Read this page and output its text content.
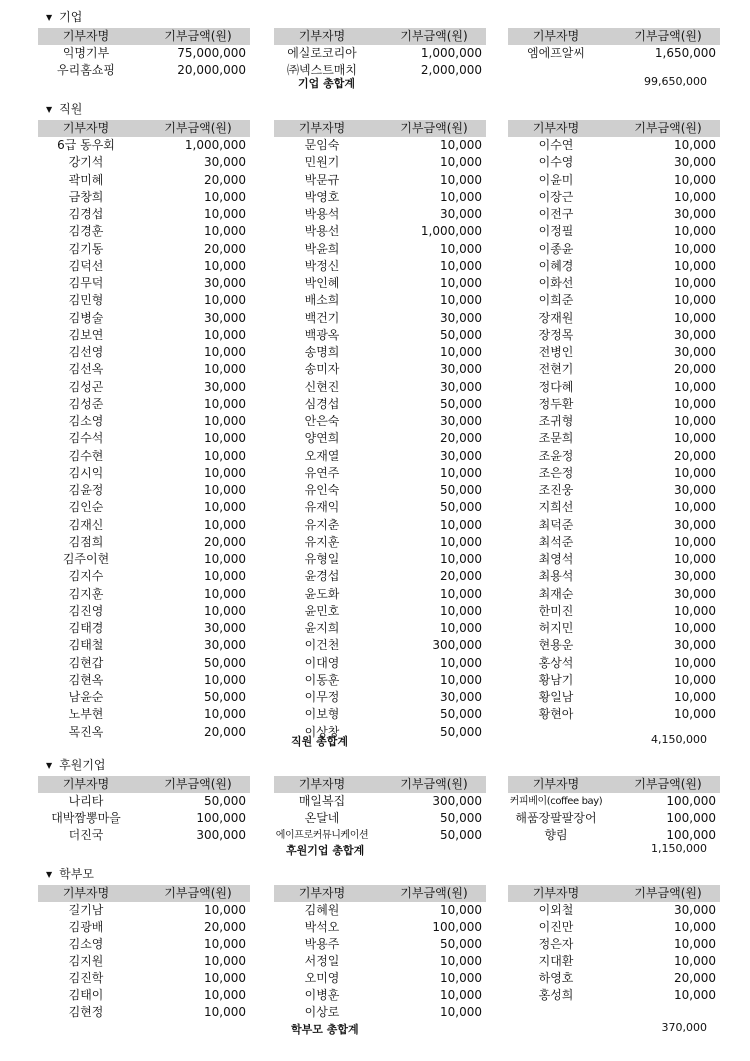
▼ 기업
기부자명	기부금액(원)
익명기부	75,000,000
우리홈쇼핑	20,000,000
기부자명	기부금액(원)
에실로코리아	1,000,000
㈜넥스트매치	2,000,000
기부자명	기부금액(원)
엠에프알씨	1,650,000
기업 총합계	99,650,000
▼ 직원
기부자명	기부금액(원)
6급 동우회	1,000,000
강기석	30,000
곽미혜	20,000
금창희	10,000
김경섭	10,000
김경훈	10,000
김기동	20,000
김덕선	10,000
김무덕	30,000
김민형	10,000
김병술	30,000
김보연	10,000
김선영	10,000
김선옥	10,000
김성곤	30,000
김성준	10,000
김소영	10,000
김수석	10,000
김수현	10,000
김시익	10,000
김윤정	10,000
김인순	10,000
김재신	10,000
김점희	20,000
김주이현	10,000
김지수	10,000
김지훈	10,000
김진영	10,000
김태경	30,000
김태철	30,000
김현갑	50,000
김현옥	10,000
남윤순	50,000
노부현	10,000
목진옥	20,000
기부자명	기부금액(원)
문임숙	10,000
민원기	10,000
박문규	10,000
박영호	10,000
박용석	30,000
박용선	1,000,000
박윤희	10,000
박정신	10,000
박인혜	10,000
배소희	10,000
백건기	30,000
백광옥	50,000
송명희	10,000
송미자	30,000
신현진	30,000
심경섭	50,000
안은숙	30,000
양연희	20,000
오재열	30,000
유연주	10,000
유인숙	50,000
유재익	50,000
유지춘	10,000
유지훈	10,000
유형일	10,000
윤경섭	20,000
윤도화	10,000
윤민호	10,000
윤지희	10,000
이건천	300,000
이대영	10,000
이동훈	10,000
이무정	30,000
이보형	50,000
이상창	50,000
기부자명	기부금액(원)
이수연	10,000
이수영	30,000
이윤미	10,000
이장근	10,000
이전구	30,000
이정필	10,000
이종윤	10,000
이혜경	10,000
이화선	10,000
이희준	10,000
장재원	10,000
장정목	30,000
전병인	30,000
전현기	20,000
정다혜	10,000
정두환	10,000
조귀형	10,000
조문희	10,000
조윤정	20,000
조은정	10,000
조진웅	30,000
지희선	10,000
최덕준	30,000
최석준	10,000
최영석	10,000
최용석	30,000
최재순	30,000
한미진	10,000
허지민	10,000
현용운	30,000
홍상석	10,000
황남기	10,000
황일남	10,000
황현아	10,000
직원 총합계	4,150,000
▼ 후원기업
기부자명	기부금액(원)
나리타	50,000
대박짬뽕마을	100,000
더진국	300,000
기부자명	기부금액(원)
매일복집	300,000
온달네	50,000
에이프로커뮤니케이션	50,000
기부자명	기부금액(원)
커피베이(coffee bay)	100,000
해품장팔팔장어	100,000
향림	100,000
후원기업 총합계	1,150,000
▼ 학부모
기부자명	기부금액(원)
길기남	10,000
김광배	20,000
김소영	10,000
김지원	10,000
김진학	10,000
김태이	10,000
김현정	10,000
기부자명	기부금액(원)
김혜원	10,000
박석오	100,000
박용주	50,000
서정일	10,000
오미영	10,000
이병훈	10,000
이상로	10,000
기부자명	기부금액(원)
이외철	30,000
이진만	10,000
정은자	10,000
지대환	10,000
하영호	20,000
홍성희	10,000
학부모 총합계	370,000
